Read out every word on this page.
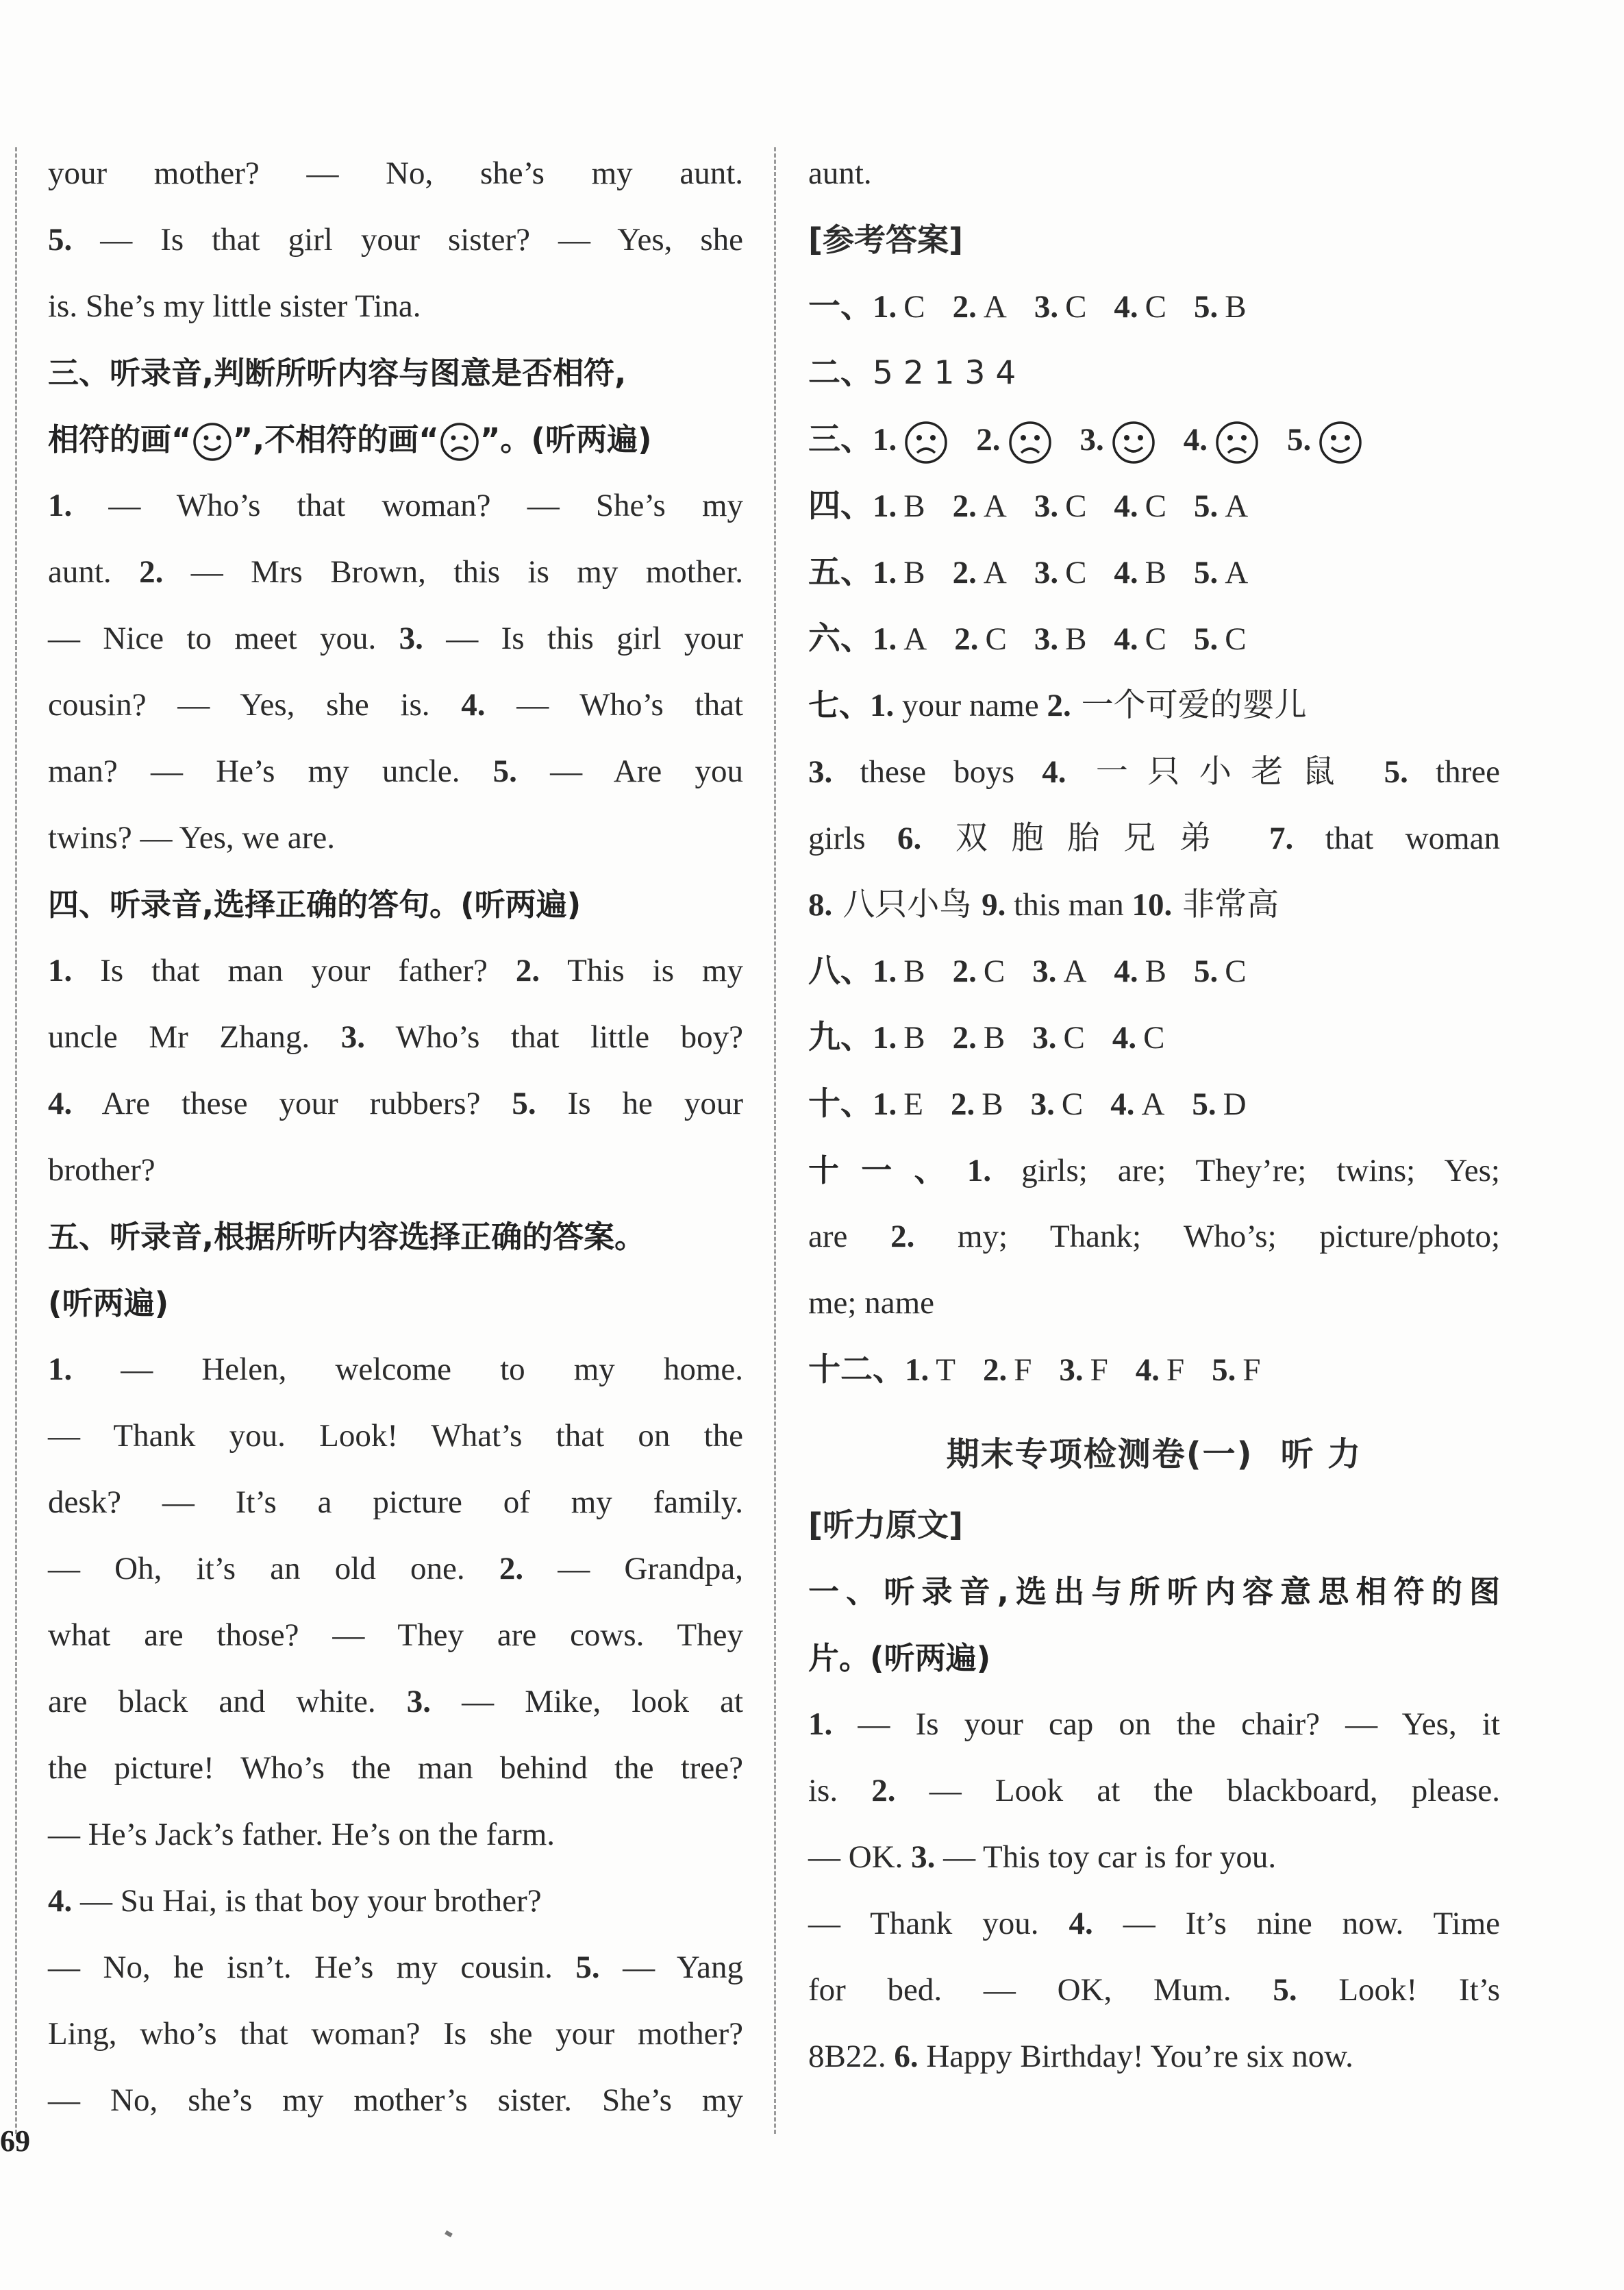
your mother? — No, she’s my aunt.
5. — Is that girl your sister? — Yes, she
is. She’s my little sister Tina.
三、听录音,判断所听内容与图意是否相符,
相符的画“ ”,不相符的画“ ”。(听两遍)
1. — Who’s that woman? — She’s my
aunt. 2. — Mrs Brown, this is my mother.
— Nice to meet you. 3. — Is this girl your
cousin? — Yes, she is. 4. — Who’s that
man? — He’s my uncle. 5. — Are you
twins? — Yes, we are.
四、听录音,选择正确的答句。(听两遍)
1. Is that man your father? 2. This is my
uncle Mr Zhang. 3. Who’s that little boy?
4. Are these your rubbers? 5. Is he your
brother?
五、听录音,根据所听内容选择正确的答案。
(听两遍)
1. — Helen, welcome to my home.
— Thank you. Look! What’s that on the
desk? — It’s a picture of my family.
— Oh, it’s an old one. 2. — Grandpa,
what are those? — They are cows. They
are black and white. 3. — Mike, look at
the picture! Who’s the man behind the tree?
— He’s Jack’s father. He’s on the farm.
4. — Su Hai, is that boy your brother?
— No, he isn’t. He’s my cousin. 5. — Yang
Ling, who’s that woman? Is she your mother?
— No, she’s my mother’s sister. She’s my
aunt.
[参考答案]
一、1. C 2. A 3. C 4. C 5. B
二、5 2 1 3 4
三、1. 2. 3. 4. 5.
四、1. B 2. A 3. C 4. C 5. A
五、1. B 2. A 3. C 4. B 5. A
六、1. A 2. C 3. B 4. C 5. C
七、1. your name 2. 一个可爱的婴儿
3. these boys 4. 一只小老鼠 5. three
girls 6. 双胞胎兄弟 7. that woman
8. 八只小鸟 9. this man 10. 非常高
八、1. B 2. C 3. A 4. B 5. C
九、1. B 2. B 3. C 4. C
十、1. E 2. B 3. C 4. A 5. D
十一、1. girls; are; They’re; twins; Yes;
are 2. my; Thank; Who’s; picture/photo;
me; name
十二、1. T 2. F 3. F 4. F 5. F
期末专项检测卷(一) 听 力
[听力原文]
一、听录音,选出与所听内容意思相符的图
片。(听两遍)
1. — Is your cap on the chair? — Yes, it
is. 2. — Look at the blackboard, please.
— OK. 3. — This toy car is for you.
— Thank you. 4. — It’s nine now. Time
for bed. — OK, Mum. 5. Look! It’s
8B22. 6. Happy Birthday! You’re six now.
69
